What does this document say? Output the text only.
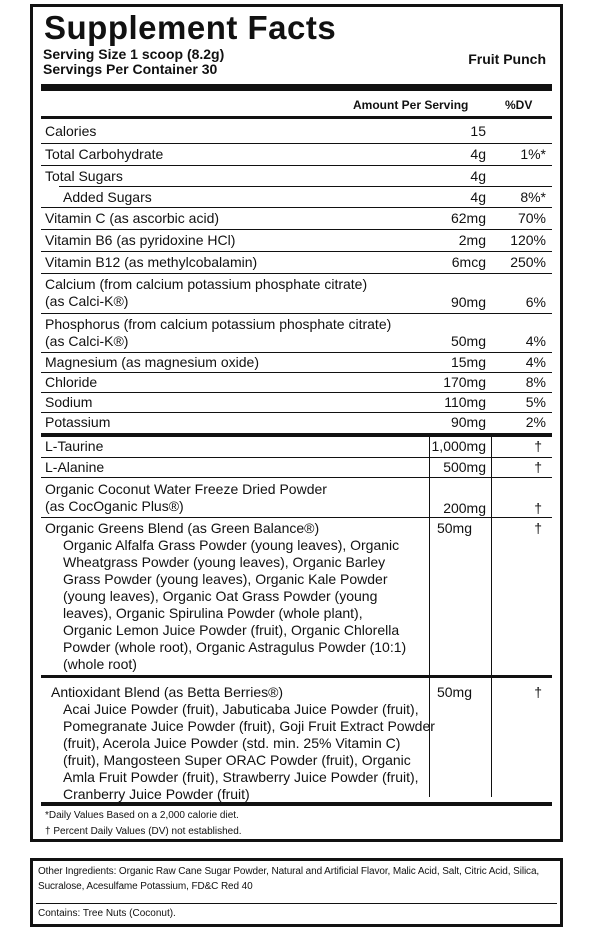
Supplement Facts
Serving Size 1 scoop (8.2g)
Servings Per Container 30
Fruit Punch
Amount Per Serving	%DV
Calories	15
Total Carbohydrate	4g 1%*
Total Sugars	4g
Added Sugars	4g 8%*
Vitamin C (as ascorbic acid)	62mg 70%
Vitamin B6 (as pyridoxine HCl)	2mg 120%
Vitamin B12 (as methylcobalamin)	6mcg 250%
Calcium (from calcium potassium phosphate citrate)
(as Calci-K®)	90mg	6%
Phosphorus (from calcium potassium phosphate citrate)
(as Calci-K®)	50mg	4%
Magnesium (as magnesium oxide)	15mg	4%
Chloride	170mg	8%
Sodium	110mg	5%
Potassium	90mg	2%
L-Taurine	1,000mg	†
L-Alanine	500mg	†
Organic Coconut Water Freeze Dried Powder
(as CocOganic Plus®)	200mg	†
Organic Greens Blend (as Green Balance®)	50mg	†
Organic Alfalfa Grass Powder (young leaves), Organic
Wheatgrass Powder (young leaves), Organic Barley
Grass Powder (young leaves), Organic Kale Powder
(young leaves), Organic Oat Grass Powder (young
leaves), Organic Spirulina Powder (whole plant),
Organic Lemon Juice Powder (fruit), Organic Chlorella
Powder (whole root), Organic Astragulus Powder (10:1)
(whole root)
Antioxidant Blend (as Betta Berries®)	50mg	†
Acai Juice Powder (fruit), Jabuticaba Juice Powder (fruit),
Pomegranate Juice Powder (fruit), Goji Fruit Extract Powder
(fruit), Acerola Juice Powder (std. min. 25% Vitamin C)
(fruit), Mangosteen Super ORAC Powder (fruit), Organic
Amla Fruit Powder (fruit), Strawberry Juice Powder (fruit),
Cranberry Juice Powder (fruit)
*Daily Values Based on a 2,000 calorie diet.
† Percent Daily Values (DV) not established.
Other Ingredients: Organic Raw Cane Sugar Powder, Natural and Artificial Flavor, Malic Acid, Salt, Citric Acid, Silica, Sucralose, Acesulfame Potassium, FD&C Red 40
Contains: Tree Nuts (Coconut).
